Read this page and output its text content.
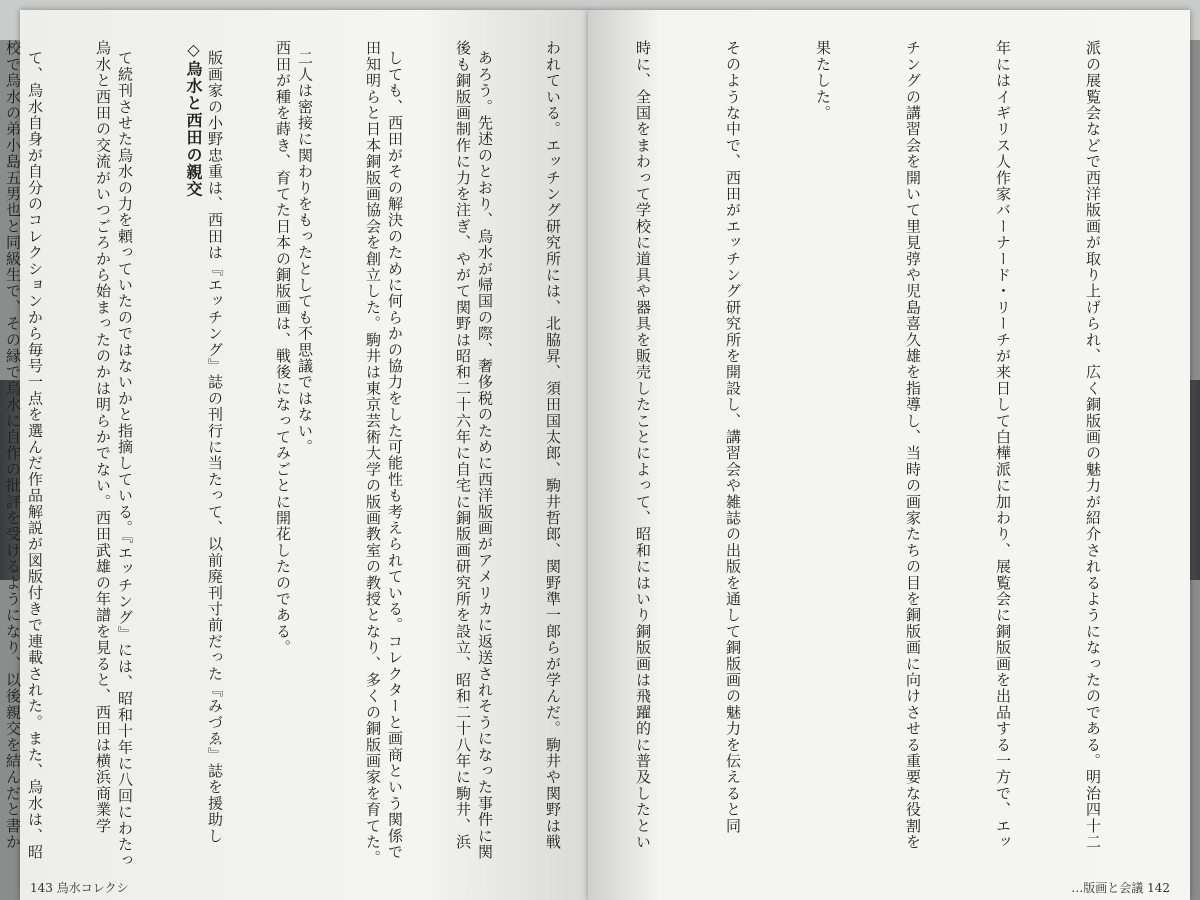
あろう。先述のとおり、烏水が帰国の際、奢侈税のために西洋版画がアメリカに返送されそうになった事件に関

しても、西田がその解決のために何らかの協力をした可能性も考えられている。コレクターと画商という関係で

二人は密接に関わりをもったとしても不思議ではない。

版画家の小野忠重は、西田は『エッチング』誌の刊行に当たって、以前廃刊寸前だった『みづゑ』誌を援助し

て続刊させた烏水の力を頼っていたのではないかと指摘している。『エッチング』には、昭和十年に八回にわたっ

て、烏水自身が自分のコレクションから毎号一点を選んだ作品解説が図版付きで連載された。また、烏水は、昭

143 烏水コレクシ

派の展覧会などで西洋版画が取り上げられ、広く銅版画の魅力が紹介されるようになったのである。明治四十二

年にはイギリス人作家バーナード・リーチが来日して白樺派に加わり、展覧会に銅版画を出品する一方で、エッ

チングの講習会を開いて里見弴や児島喜久雄を指導し、当時の画家たちの目を銅版画に向けさせる重要な役割を

果たした。

そのような中で、西田がエッチング研究所を開設し、講習会や雑誌の出版を通して銅版画の魅力を伝えると同

時に、全国をまわって学校に道具や器具を販売したことによって、昭和にはいり銅版画は飛躍的に普及したとい

われている。エッチング研究所には、北脇昇、須田国太郎、駒井哲郎、関野準一郎らが学んだ。駒井や関野は戦

後も銅版画制作に力を注ぎ、やがて関野は昭和二十六年に自宅に銅版画研究所を設立、昭和二十八年に駒井、浜

田知明らと日本銅版画協会を創立した。駒井は東京芸術大学の版画教室の教授となり、多くの銅版画家を育てた。

西田が種を蒔き、育てた日本の銅版画は、戦後になってみごとに開花したのである。

◇烏水と西田の親交

烏水と西田の交流がいつごろから始まったのかは明らかでない。西田武雄の年譜を見ると、西田は横浜商業学

校で烏水の弟小島五男也と同級生で、その縁で烏水に自作の批評を受けるようになり、以後親交を結んだと書か

…版画と会議 142
